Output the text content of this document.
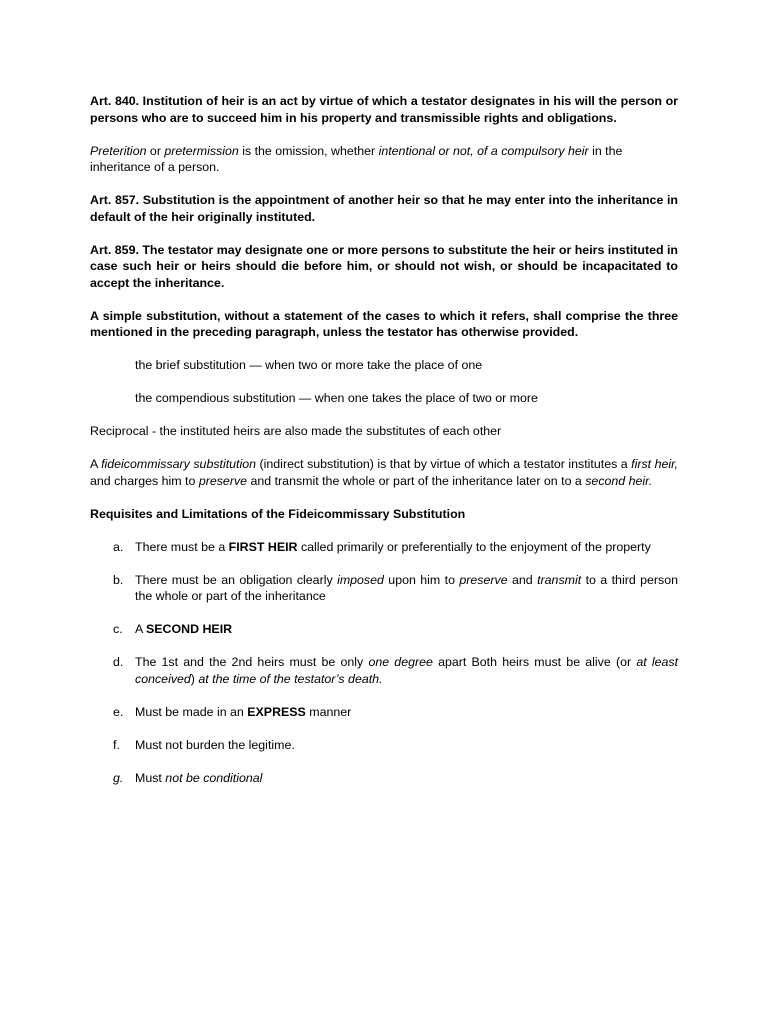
Art. 840. Institution of heir is an act by virtue of which a testator designates in his will the person or persons who are to succeed him in his property and transmissible rights and obligations.

Preterition or pretermission is the omission, whether intentional or not, of a compulsory heir in the inheritance of a person.

Art. 857. Substitution is the appointment of another heir so that he may enter into the inheritance in default of the heir originally instituted.

Art. 859. The testator may designate one or more persons to substitute the heir or heirs instituted in case such heir or heirs should die before him, or should not wish, or should be incapacitated to accept the inheritance.

A simple substitution, without a statement of the cases to which it refers, shall comprise the three mentioned in the preceding paragraph, unless the testator has otherwise provided.

the brief substitution — when two or more take the place of one

the compendious substitution — when one takes the place of two or more

Reciprocal - the instituted heirs are also made the substitutes of each other

A fideicommissary substitution (indirect substitution) is that by virtue of which a testator institutes a first heir, and charges him to preserve and transmit the whole or part of the inheritance later on to a second heir.

Requisites and Limitations of the Fideicommissary Substitution

a. There must be a FIRST HEIR called primarily or preferentially to the enjoyment of the property
b. There must be an obligation clearly imposed upon him to preserve and transmit to a third person the whole or part of the inheritance
c. A SECOND HEIR
d. The 1st and the 2nd heirs must be only one degree apart Both heirs must be alive (or at least conceived) at the time of the testator’s death.
e. Must be made in an EXPRESS manner
f. Must not burden the legitime.
g. Must not be conditional
